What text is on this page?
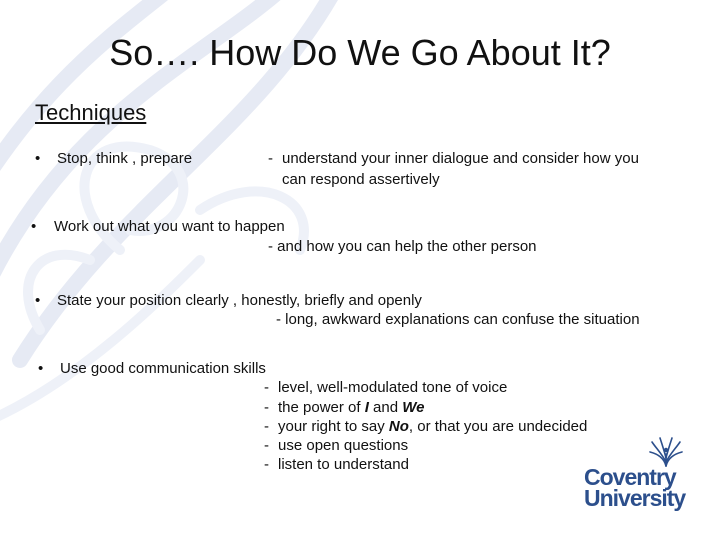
So…. How Do We Go About It?
Techniques
• Stop, think , prepare	- understand your inner dialogue and consider how you
can respond assertively
• Work out what you want to happen
- and how you can help the other person
• State your position clearly , honestly, briefly and openly
- long, awkward explanations can confuse the situation
• Use good communication skills
- level, well-modulated tone of voice
- the power of I and We
- your right to say No, or that you are undecided
- use open questions
- listen to understand	Coventry
University
